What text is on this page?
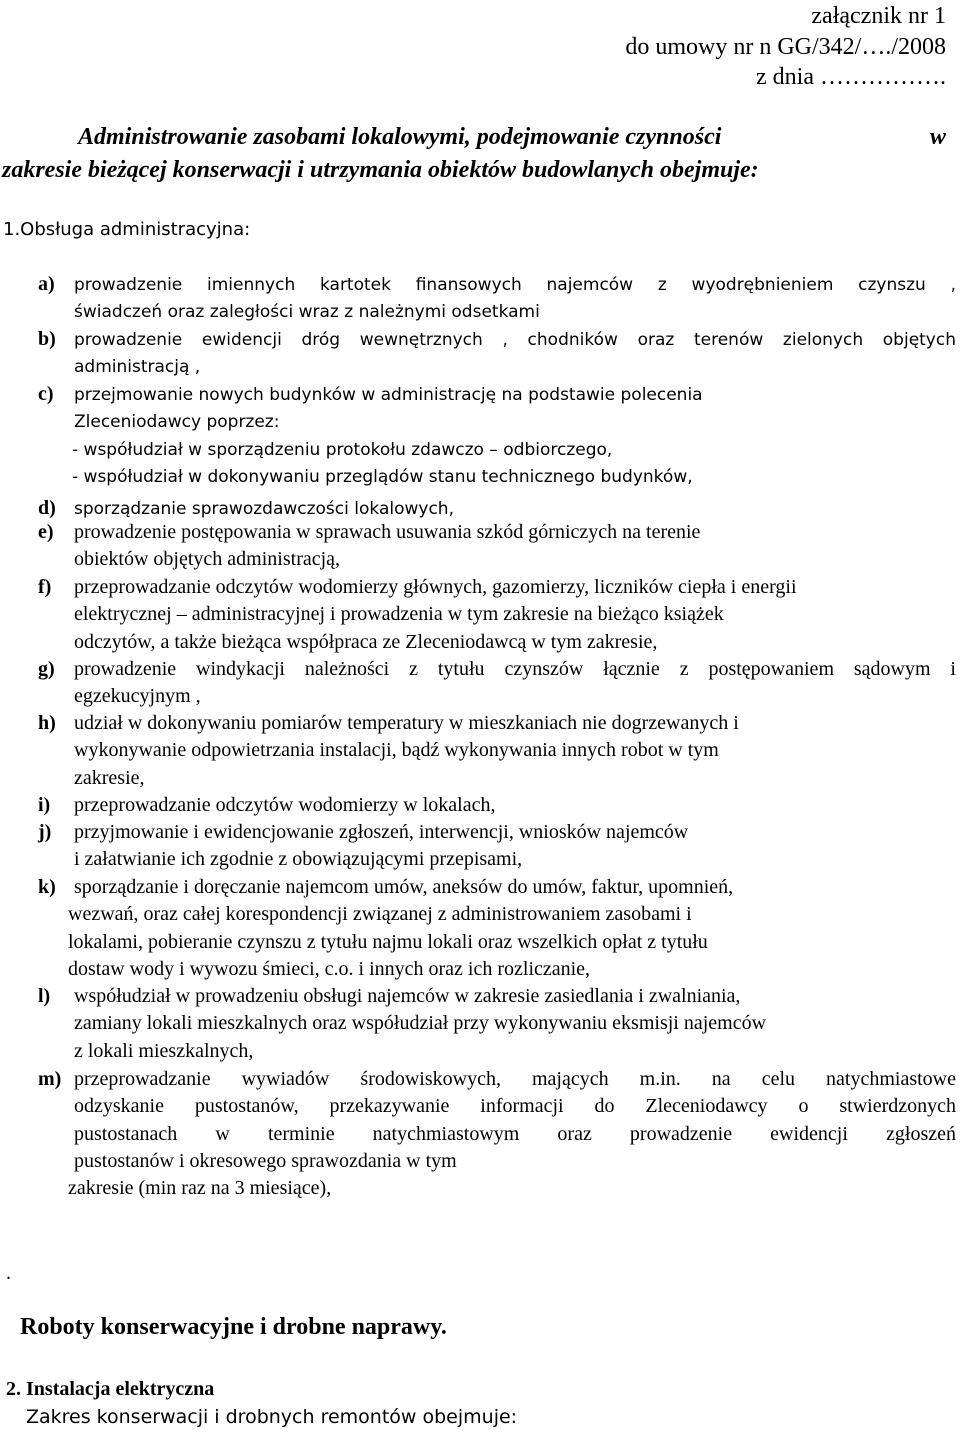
załącznik nr 1
do umowy nr n GG/342/…./2008
z dnia …………….
Administrowanie zasobami lokalowymi, podejmowanie czynności	w
zakresie bieżącej konserwacji i utrzymania obiektów budowlanych obejmuje:
1.Obsługa administracyjna:
a) prowadzenie imiennych kartotek finansowych najemców z wyodrębnieniem czynszu ,
świadczeń oraz zaległości wraz z należnymi odsetkami
b) prowadzenie ewidencji dróg wewnętrznych , chodników oraz terenów zielonych objętych
administracją ,
c) przejmowanie nowych budynków w administrację na podstawie polecenia
Zleceniodawcy poprzez:
- współudział w sporządzeniu protokołu zdawczo – odbiorczego,
- współudział w dokonywaniu przeglądów stanu technicznego budynków,
d) sporządzanie sprawozdawczości lokalowych,
e) prowadzenie postępowania w sprawach usuwania szkód górniczych na terenie
obiektów objętych administracją,
f) przeprowadzanie odczytów wodomierzy głównych, gazomierzy, liczników ciepła i energii
elektrycznej – administracyjnej i prowadzenia w tym zakresie na bieżąco książek
odczytów, a także bieżąca współpraca ze Zleceniodawcą w tym zakresie,
g) prowadzenie windykacji należności z tytułu czynszów łącznie z postępowaniem sądowym i
egzekucyjnym ,
h) udział w dokonywaniu pomiarów temperatury w mieszkaniach nie dogrzewanych i
wykonywanie odpowietrzania instalacji, bądź wykonywania innych robot w tym
zakresie,
i) przeprowadzanie odczytów wodomierzy w lokalach,
j) przyjmowanie i ewidencjowanie zgłoszeń, interwencji, wniosków najemców
i załatwianie ich zgodnie z obowiązującymi przepisami,
k) sporządzanie i doręczanie najemcom umów, aneksów do umów, faktur, upomnień,
wezwań, oraz całej korespondencji związanej z administrowaniem zasobami i
lokalami, pobieranie czynszu z tytułu najmu lokali oraz wszelkich opłat z tytułu
dostaw wody i wywozu śmieci, c.o. i innych oraz ich rozliczanie,
l) współudział w prowadzeniu obsługi najemców w zakresie zasiedlania i zwalniania,
zamiany lokali mieszkalnych oraz współudział przy wykonywaniu eksmisji najemców
z lokali mieszkalnych,
m) przeprowadzanie wywiadów środowiskowych, mających m.in. na celu natychmiastowe
odzyskanie pustostanów, przekazywanie informacji do Zleceniodawcy o stwierdzonych
pustostanach w terminie natychmiastowym oraz prowadzenie ewidencji zgłoszeń
pustostanów i okresowego sprawozdania w tym
zakresie (min raz na 3 miesiące),
.
Roboty konserwacyjne i drobne naprawy.
2. Instalacja elektryczna
Zakres konserwacji i drobnych remontów obejmuje:
